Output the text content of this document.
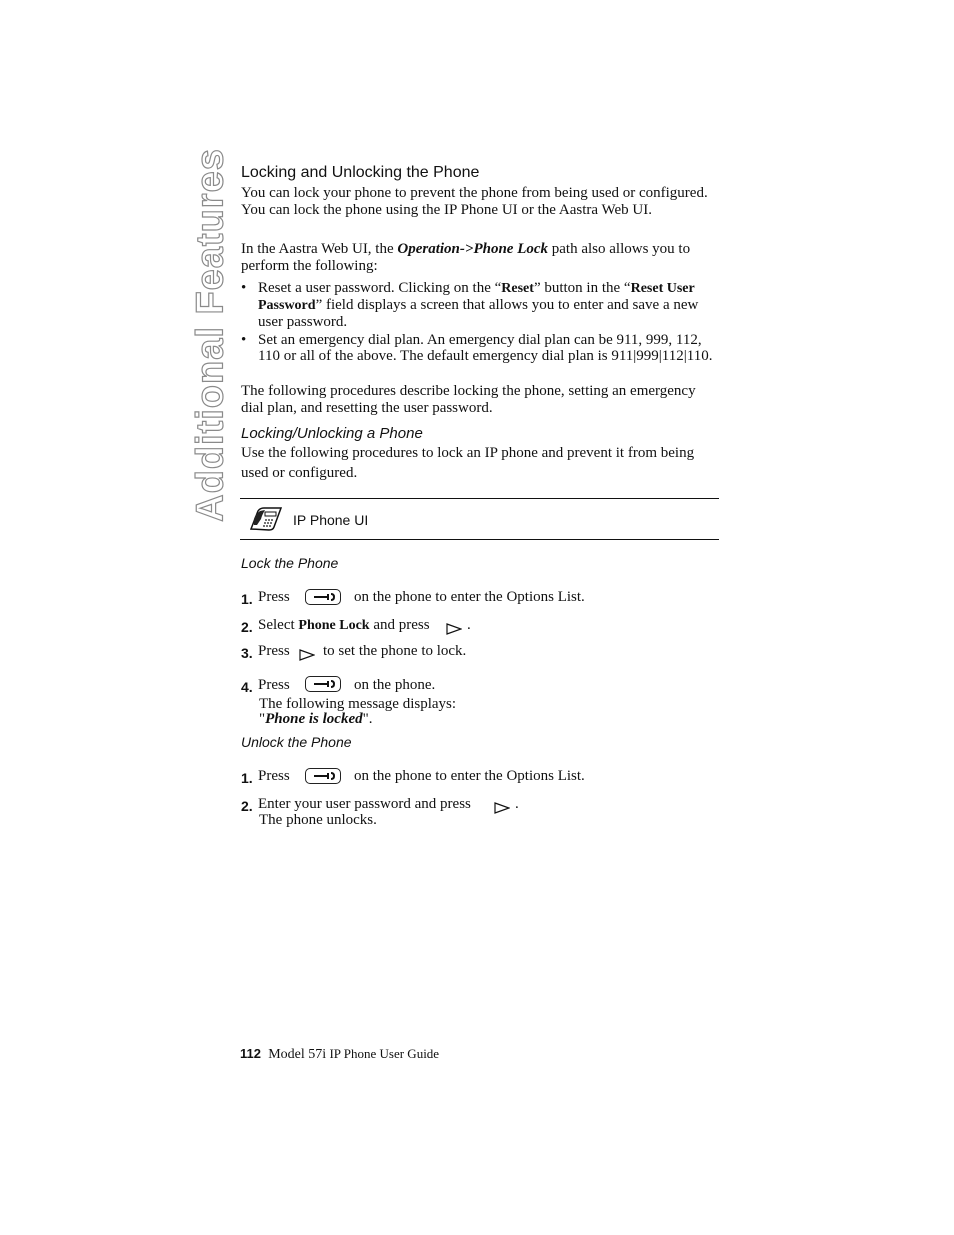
Additional Features Locking and Unlocking the Phone
You can lock your phone to prevent the phone from being used or configured. You can lock the phone using the IP Phone UI or the Aastra Web UI.
In the Aastra Web UI, the Operation->Phone Lock path also allows you to perform the following:
• Reset a user password. Clicking on the “Reset” button in the “Reset User Password” field displays a screen that allows you to enter and save a new user password.
• Set an emergency dial plan. An emergency dial plan can be 911, 999, 112, 110 or all of the above. The default emergency dial plan is 911|999|112|110.
The following procedures describe locking the phone, setting an emergency dial plan, and resetting the user password.
Locking/Unlocking a Phone
Use the following procedures to lock an IP phone and prevent it from being used or configured.
IP Phone UI
Lock the Phone
1. Press	on the phone to enter the Options List.
2. Select Phone Lock and press .
3. Press to set the phone to lock.
4. Press	on the phone.
The following message displays:
"Phone is locked".
Unlock the Phone
1. Press	on the phone to enter the Options List.
2. Enter your user password and press	.
The phone unlocks.
112 Model 57i IP Phone User Guide
